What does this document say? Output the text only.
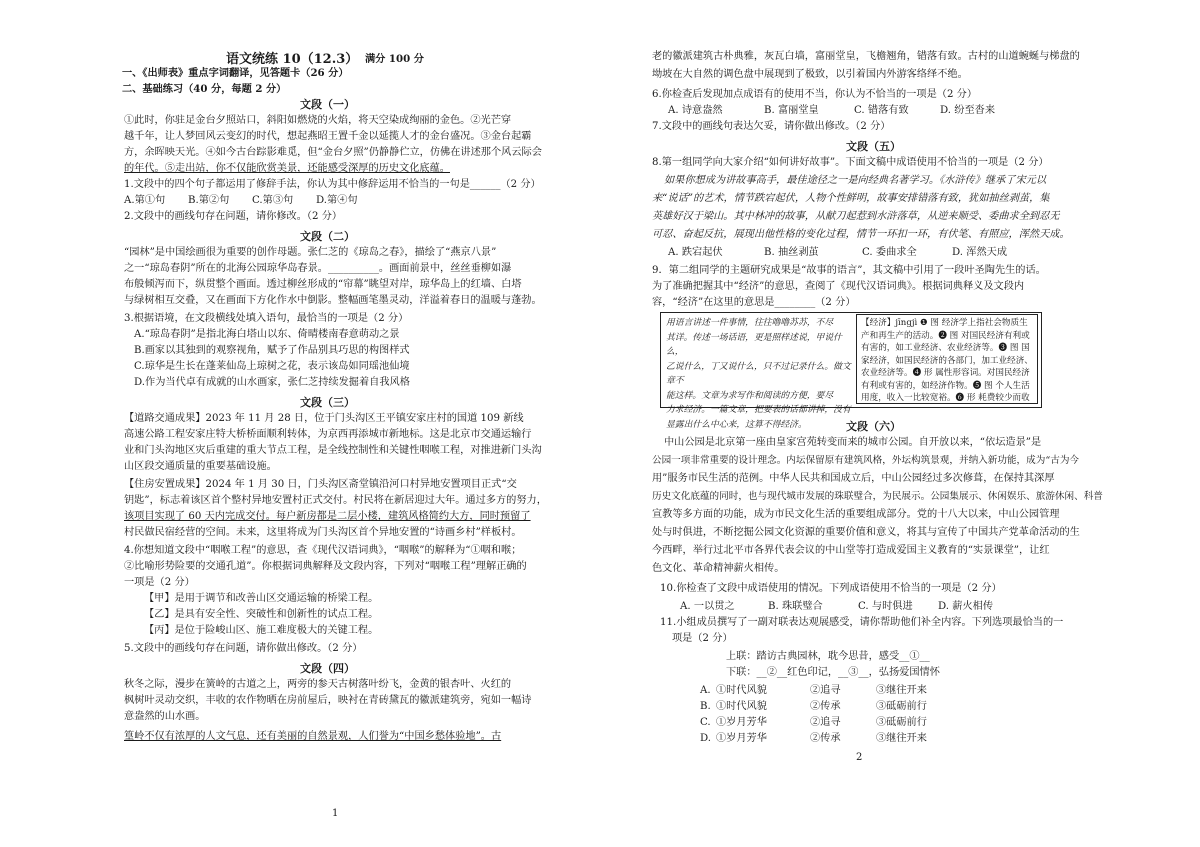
语文统练 10（12.3） 满分 100 分
一、《出师表》重点字词翻译，见答题卡（26 分）
二、基础练习（40 分，每题 2 分）
文段（一）
①此时，你驻足金台夕照站口，斜阳如燃烧的火焰，将天空染成绚丽的金色。②光芒穿
越千年，让人梦回风云变幻的时代，想起燕昭王置千金以延揽人才的金台盛况。③金台起霸
方，余晖映天光。④如今古台踪影难觅，但“金台夕照”仍静静伫立，仿佛在讲述那个风云际会
的年代。⑤走出站，你不仅能欣赏美景，还能感受深厚的历史文化底蕴。
1.文段中的四个句子都运用了修辞手法，你认为其中修辞运用不恰当的一句是______（2 分）
A.第①句 B.第②句 C.第③句 D.第④句
2.文段中的画线句存在问题，请你修改。（2 分）
文段（二）
“园林”是中国绘画很为重要的创作母题。张仁芝的《琼岛之春》，描绘了“燕京八景”
之一“琼岛春阴”所在的北海公园琼华岛春景。__________。画面前景中，丝丝垂柳如瀑
布般倾泻而下，纵贯整个画面。透过柳丝形成的“帘幕”眺望对岸，琼华岛上的红墙、白塔
与绿树相互交叠，又在画面下方化作水中倒影。整幅画笔墨灵动，洋溢着春日的温暖与蓬勃。
3.根据语境，在文段横线处填入语句，最恰当的一项是（2 分）
A.“琼岛春阴”是指北海白塔山以东、倚晴楼南春意萌动之景
B.画家以其独到的观察视角，赋予了作品别具巧思的构图样式
C.琼华是生长在蓬莱仙岛上琼树之花，表示该岛如同瑶池仙境
D.作为当代卓有成就的山水画家，张仁芝持续发掘着自我风格
文段（三）
【道路交通成果】2023 年 11 月 28 日，位于门头沟区王平镇安家庄村的国道 109 新线
高速公路工程安家庄特大桥桥面顺利转体，为京西再添城市新地标。这是北京市交通运输行
业和门头沟地区灾后重建的重大节点工程，是全线控制性和关键性咽喉工程，对推进新门头沟
山区段交通质量的重要基础设施。
【住房安置成果】2024 年 1 月 30 日，门头沟区斋堂镇沿河口村异地安置项目正式“交
钥匙”，标志着该区首个整村异地安置村正式交付。村民将在新居迎过大年。通过多方的努力，
该项目实现了 60 天内完成交付。每户新房都是二层小楼，建筑风格简约大方，同时预留了
村民做民宿经营的空间。未来，这里将成为门头沟区首个异地安置的“诗画乡村”样板村。
4.你想知道文段中“咽喉工程”的意思，查《现代汉语词典》，“咽喉”的解释为“①咽和喉；
②比喻形势险要的交通孔道”。你根据词典解释及文段内容，下列对“咽喉工程”理解正确的
一项是（2 分）
【甲】是用于调节和改善山区交通运输的桥梁工程。
【乙】是具有安全性、突破性和创新性的试点工程。
【丙】是位于险峻山区、施工难度极大的关键工程。
5.文段中的画线句存在问题，请你做出修改。（2 分）
文段（四）
秋冬之际，漫步在簧岭的古道之上，两旁的参天古树落叶纷飞，金黄的银杏叶、火红的
枫树叶灵动交织，丰收的农作物晒在房前屋后，映衬在青砖黛瓦的徽派建筑旁，宛如一幅诗
意盎然的山水画。
篁岭不仅有浓厚的人文气息，还有美丽的自然景观，人们誉为“中国乡愁体验地”。古
1
老的徽派建筑古朴典雅，灰瓦白墙，富丽堂皇，飞檐翘角，错落有致。古村的山道蜿蜒与梯盘的
坳坡在大自然的调色盘中展现到了极致，以引着国内外游客络绎不绝。
6.你检查后发现加点成语有的使用不当，你认为不恰当的一项是（2 分）
A. 诗意盎然	B. 富丽堂皇	C. 错落有致	D. 纷至沓来
7.文段中的画线句表达欠妥，请你做出修改。（2 分）
文段（五）
8.第一组同学向大家介绍“如何讲好故事”。下面文稿中成语使用不恰当的一项是（2 分）
如果你想成为讲故事高手，最佳途径之一是向经典名著学习。《水浒传》继承了宋元以
来“说话”的艺术，情节跌宕起伏，人物个性鲜明，故事安排错落有致，犹如抽丝剥茧，集
英雄好汉于梁山。其中林冲的故事，从献刀起惹到水浒落草，从逆来顺受、委曲求全到忍无
可忍、奋起反抗，展现出他性格的变化过程，情节一环扣一环，有伏笔、有照应，浑然天成。
A. 跌宕起伏	B. 抽丝剥茧	C. 委曲求全	D. 浑然天成
9．第二组同学的主题研究成果是“故事的语言”，其文稿中引用了一段叶圣陶先生的话。
为了准确把握其中“经济”的意思，查阅了《现代汉语词典》。根据词典释义及文段内
容，“经济”在这里的意思是________（2 分）
用语言讲述一件事情，往往噜噜苏苏，不尽
其详。传述一场话语，更是照样述说，甲说什么，
乙说什么，丁又说什么，只不过记录什么。做文章不
能这样。文章为求写作和阅读的方便，要尽
力求经济。一篇文章，把要表的话都讲掉，没有
显露出什么中心来，这算不得经济。
【经济】jīngjì ❶ 图 经济学上指社会物质生产和再生产的活动。❷ 图 对国民经济有利或有害的，如工业经济、农业经济等。❸ 图 国家经济，如国民经济的各部门，加工业经济、农业经济等。❹ 形 属性形容词。对国民经济有利或有害的，如经济作物。❺ 图 个人生活用度，收入一比较宽裕。❻ 形 耗费较少而收
文段（六）
中山公园是北京第一座由皇家宫苑转变而来的城市公园。自开放以来，“依坛造景”是
公园一项非常重要的设计理念。内坛保留原有建筑风格，外坛构筑景观，并纳入新功能，成为“古为今
用”服务市民生活的范例。中华人民共和国成立后，中山公园经过多次修葺，在保持其深厚
历史文化底蕴的同时，也与现代城市发展的珠联璧合，为民展示。公园集展示、休闲娱乐、旅游休闲、科普
宣教等多方面的功能，成为市民文化生活的重要组成部分。党的十八大以来，中山公园管理
处与时俱进，不断挖掘公园文化资源的重要价值和意义，将其与宣传了中国共产党革命活动的生
今西畔，举行过北平市各界代表会议的中山堂等打造成爱国主义教育的“实景课堂”，让红
色文化、革命精神薪火相传。
10.你检查了文段中成语使用的情况。下列成语使用不恰当的一项是（2 分）
A. 一以贯之	B. 珠联璧合	C. 与时俱进 D. 薪火相传
11.小组成员撰写了一副对联表达观展感受，请你帮助他们补全内容。下列选项最恰当的一
项是（2 分）
上联：踏访古典园林，耽今思昔，感受__①__
下联：__②__红色印记，__③__，弘扬爱国情怀
A. ①时代风貌	②追寻	③继往开来
B. ①时代风貌	②传承	③砥砺前行
C. ①岁月芳华	②追寻	③砥砺前行
D. ①岁月芳华	②传承	③继往开来
2
